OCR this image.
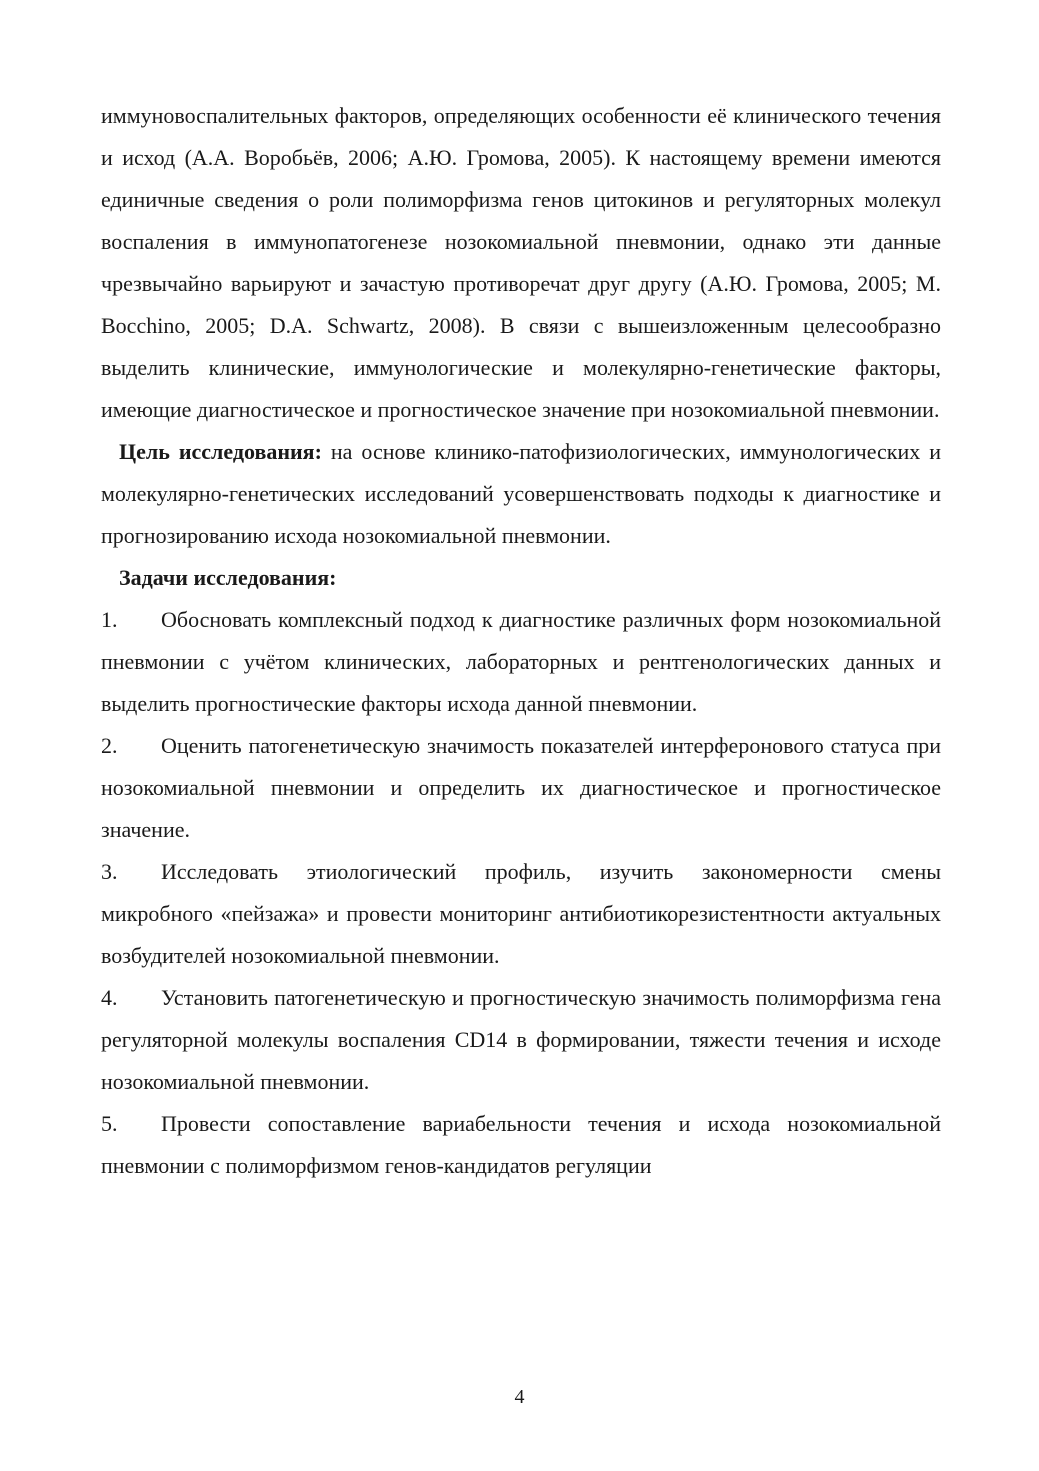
иммуновоспалительных факторов, определяющих особенности её клинического течения и исход (А.А. Воробьёв, 2006; А.Ю. Громова, 2005). К настоящему времени имеются единичные сведения о роли полиморфизма генов цитокинов и регуляторных молекул воспаления в иммунопатогенезе нозокомиальной пневмонии, однако эти данные чрезвычайно варьируют и зачастую противоречат друг другу (А.Ю. Громова, 2005; M. Bocchino, 2005; D.A. Schwartz, 2008). В связи с вышеизложенным целесообразно выделить клинические, иммунологические и молекулярно-генетические факторы, имеющие диагностическое и прогностическое значение при нозокомиальной пневмонии.

Цель исследования: на основе клинико-патофизиологических, иммунологических и молекулярно-генетических исследований усовершенствовать подходы к диагностике и прогнозированию исхода нозокомиальной пневмонии.

Задачи исследования:

1. Обосновать комплексный подход к диагностике различных форм нозокомиальной пневмонии с учётом клинических, лабораторных и рентгенологических данных и выделить прогностические факторы исхода данной пневмонии.

2. Оценить патогенетическую значимость показателей интерферонового статуса при нозокомиальной пневмонии и определить их диагностическое и прогностическое значение.

3. Исследовать этиологический профиль, изучить закономерности смены микробного «пейзажа» и провести мониторинг антибиотикорезистентности актуальных возбудителей нозокомиальной пневмонии.

4. Установить патогенетическую и прогностическую значимость полиморфизма гена регуляторной молекулы воспаления CD14 в формировании, тяжести течения и исходе нозокомиальной пневмонии.

5. Провести сопоставление вариабельности течения и исхода нозокомиальной пневмонии с полиморфизмом генов-кандидатов регуляции

4
